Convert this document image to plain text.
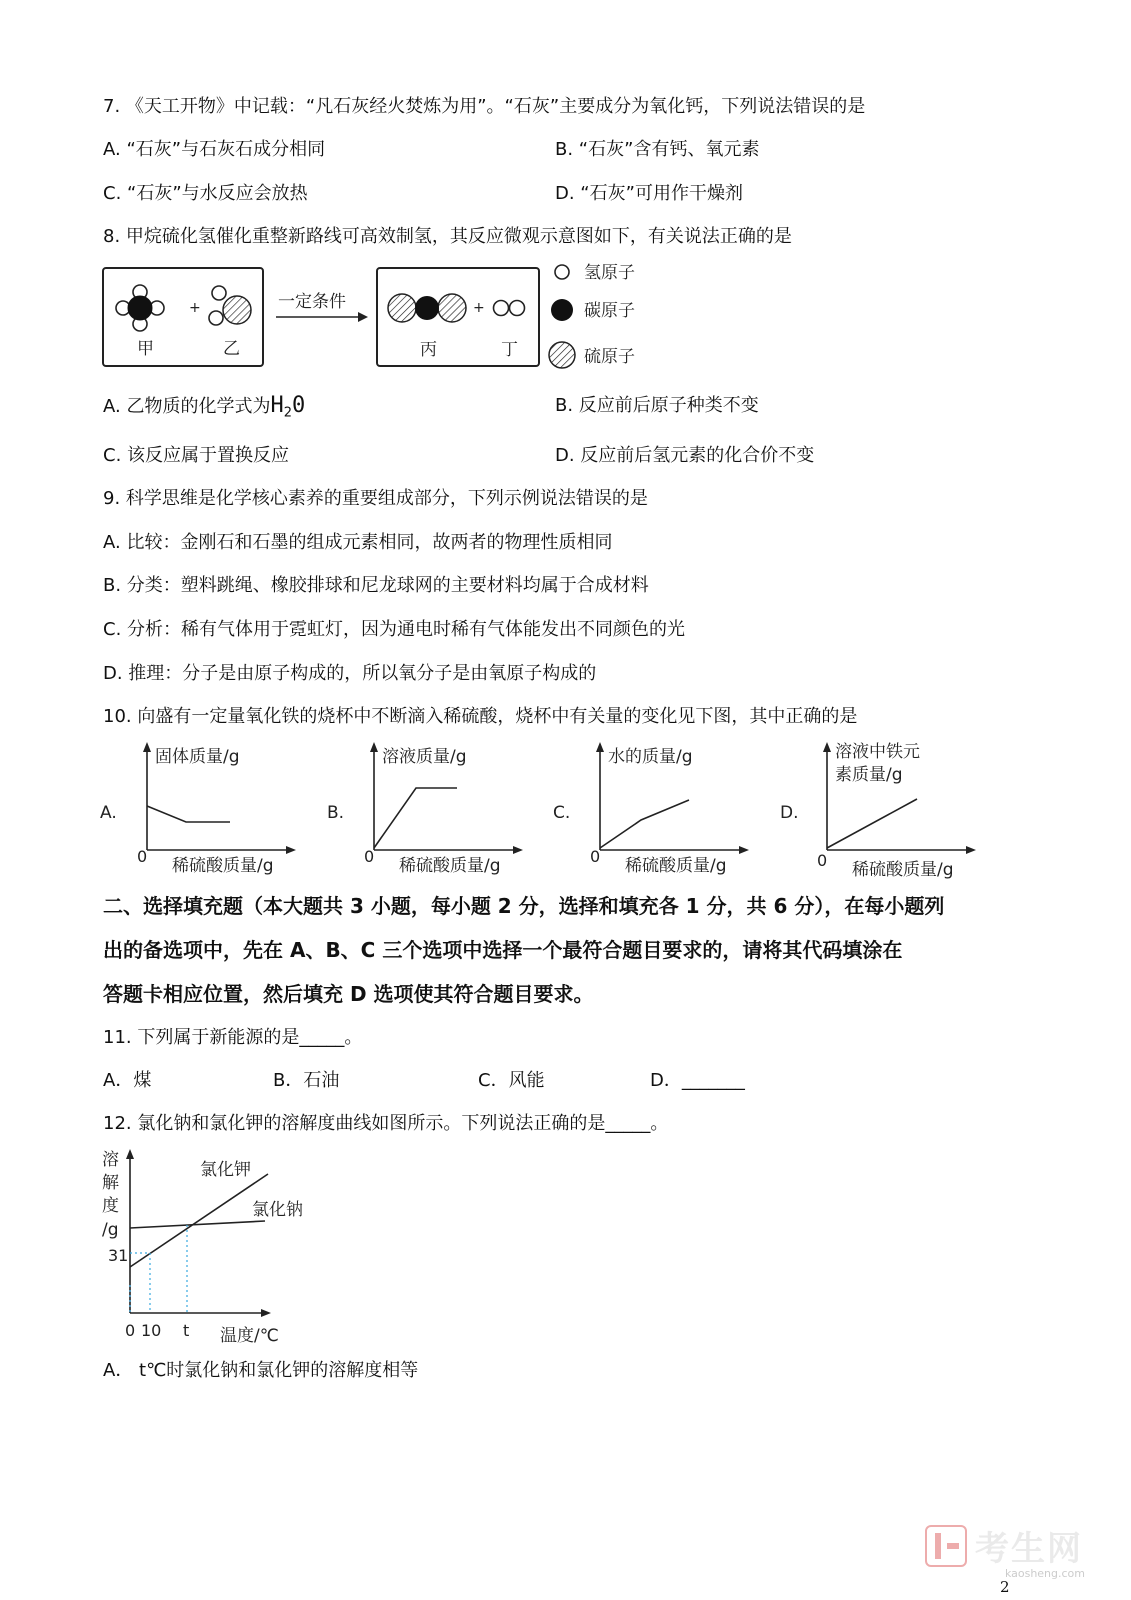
7. 《天工开物》中记载：“凡石灰经火焚炼为用”。“石灰”主要成分为氧化钙，下列说法错误的是
A. “石灰”与石灰石成分相同	B. “石灰”含有钙、氧元素
C. “石灰”与水反应会放热	D. “石灰”可用作干燥剂
8. 甲烷硫化氢催化重整新路线可高效制氢，其反应微观示意图如下，有关说法正确的是
+
甲	乙
一定条件	+
丙	丁
氢原子
碳原子
硫原子
A. 乙物质的化学式为$H_20$	B. 反应前后原子种类不变
C. 该反应属于置换反应	D. 反应前后氢元素的化合价不变
9. 科学思维是化学核心素养的重要组成部分，下列示例说法错误的是
A. 比较：金刚石和石墨的组成元素相同，故两者的物理性质相同
B. 分类：塑料跳绳、橡胶排球和尼龙球网的主要材料均属于合成材料
C. 分析：稀有气体用于霓虹灯，因为通电时稀有气体能发出不同颜色的光
D. 推理：分子是由原子构成的，所以氧分子是由氧原子构成的
10. 向盛有一定量氧化铁的烧杯中不断滴入稀硫酸，烧杯中有关量的变化见下图，其中正确的是
A.
固体质量/g
0 稀硫酸质量/g
B.
溶液质量/g
0 稀硫酸质量/g
C.
水的质量/g
0 稀硫酸质量/g
D.
溶液中铁元
素质量/g
0 稀硫酸质量/g
二、选择填充题（本大题共 3 小题，每小题 2 分，选择和填充各 1 分，共 6 分），在每小题列
出的备选项中，先在 A、B、C 三个选项中选择一个最符合题目要求的，请将其代码填涂在
答题卡相应位置，然后填充 D 选项使其符合题目要求。
11. 下列属于新能源的是_____。
A．煤	B．石油	C．风能	D．_______
12. 氯化钠和氯化钾的溶解度曲线如图所示。下列说法正确的是_____。
溶
解
度
/g
31
氯化钾
氯化钠
0 10 t 温度/℃
A． t℃时氯化钠和氯化钾的溶解度相等
考生网
kaosheng.com
2
